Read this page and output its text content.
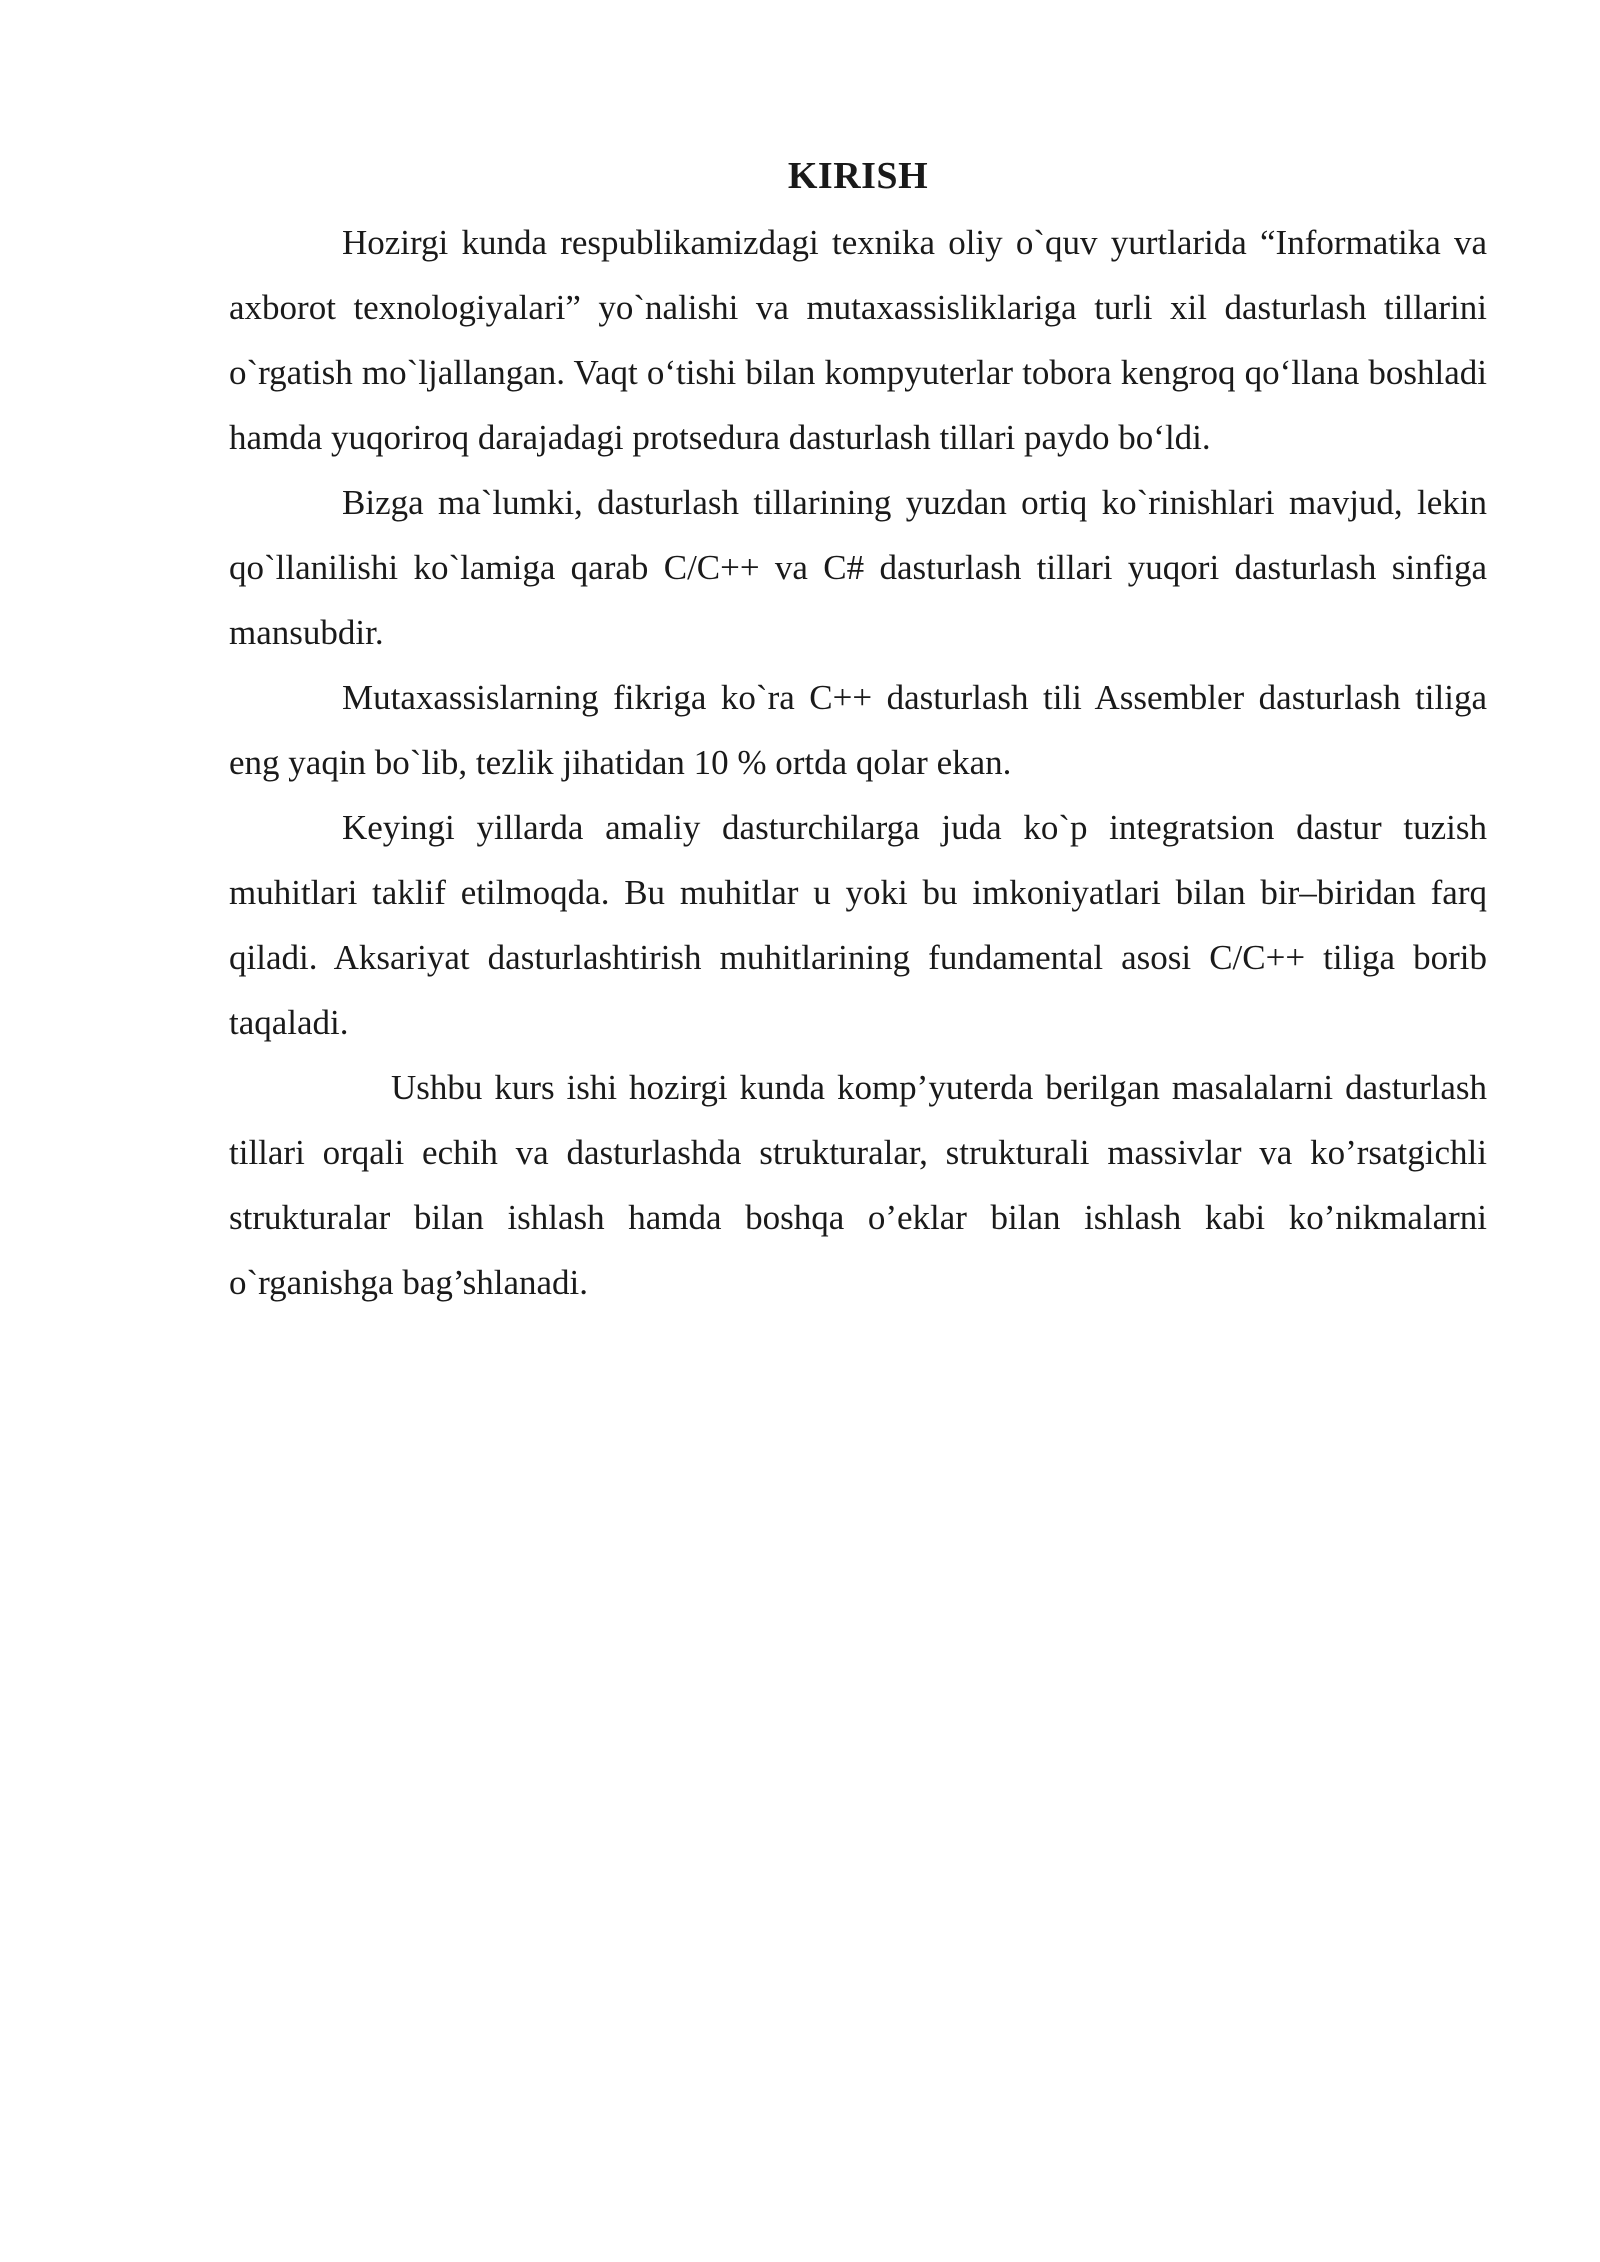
KIRISH

Hozirgi kunda respublikamizdagi texnika oliy o`quv yurtlarida “Informatika va axborot texnologiyalari” yo`nalishi va mutaxassisliklariga turli xil dasturlash tillarini o`rgatish mo`ljallangan. Vaqt o‘tishi bilan kompyuterlar tobora kengroq qo‘llana boshladi hamda yuqoriroq darajadagi protsedura dasturlash tillari paydo bo‘ldi.

Bizga ma`lumki, dasturlash tillarining yuzdan ortiq ko`rinishlari mavjud, lekin qo`llanilishi ko`lamiga qarab C/C++ va C# dasturlash tillari yuqori dasturlash sinfiga mansubdir.

Mutaxassislarning fikriga ko`ra C++ dasturlash tili Assembler dasturlash tiliga eng yaqin bo`lib, tezlik jihatidan 10 % ortda qolar ekan.

Keyingi yillarda amaliy dasturchilarga juda ko`p integratsion dastur tuzish muhitlari taklif etilmoqda. Bu muhitlar u yoki bu imkoniyatlari bilan bir–biridan farq qiladi. Aksariyat dasturlashtirish muhitlarining fundamental asosi C/C++ tiliga borib taqaladi.

Ushbu kurs ishi hozirgi kunda komp’yuterda berilgan masalalarni dasturlash tillari orqali echih va dasturlashda strukturalar, strukturali massivlar va ko’rsatgichli strukturalar bilan ishlash hamda boshqa o’eklar bilan ishlash kabi ko’nikmalarni o`rganishga bag’shlanadi.
